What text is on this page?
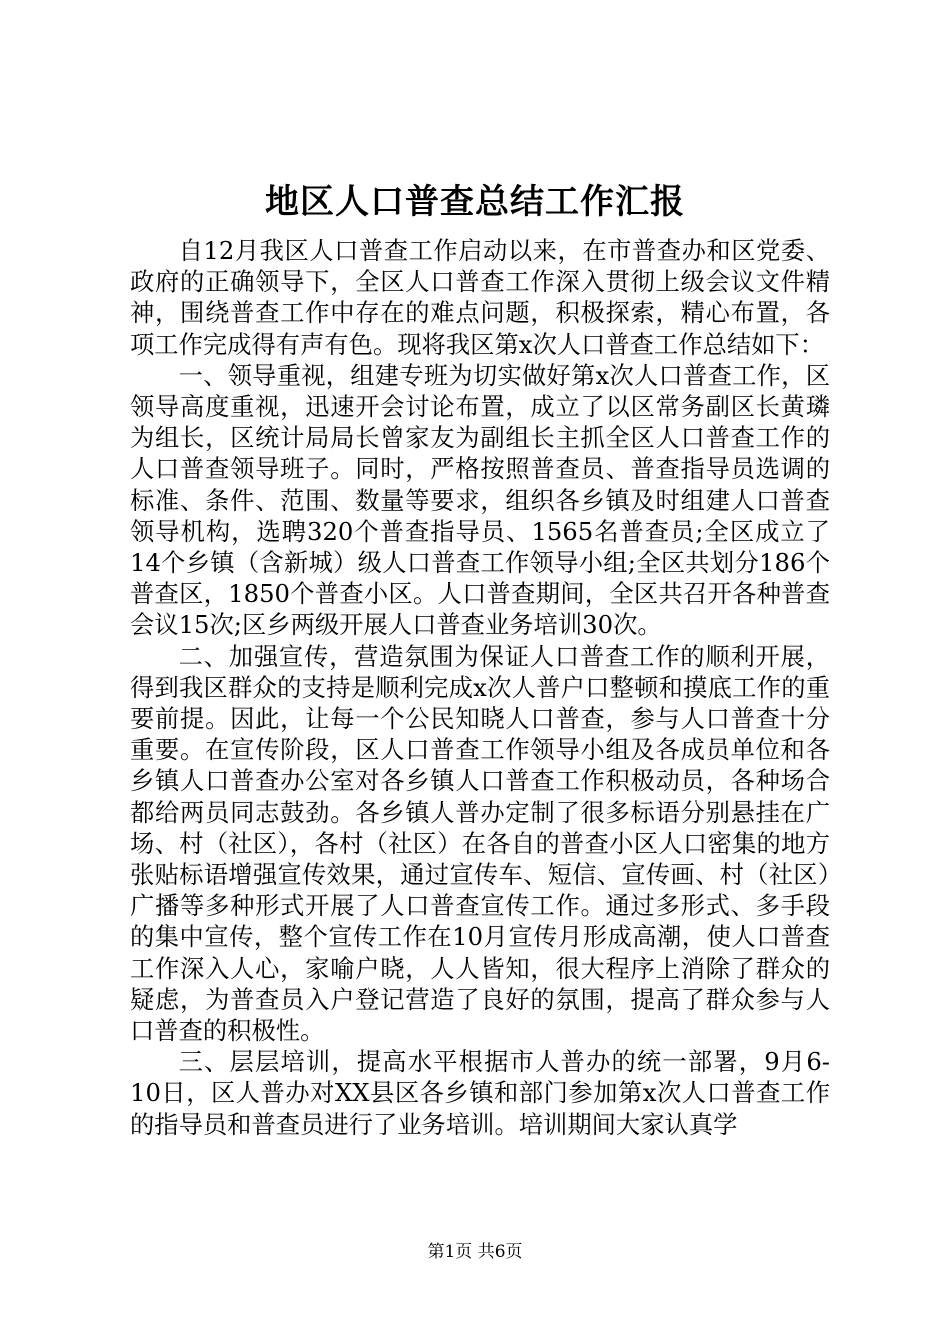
地区人口普查总结工作汇报

自12月我区人口普查工作启动以来，在市普查办和区党委、政府的正确领导下，全区人口普查工作深入贯彻上级会议文件精神，围绕普查工作中存在的难点问题，积极探索，精心布置，各项工作完成得有声有色。现将我区第x次人口普查工作总结如下：

一、领导重视，组建专班为切实做好第x次人口普查工作，区领导高度重视，迅速开会讨论布置，成立了以区常务副区长黄璘为组长，区统计局局长曾家友为副组长主抓全区人口普查工作的人口普查领导班子。同时，严格按照普查员、普查指导员选调的标准、条件、范围、数量等要求，组织各乡镇及时组建人口普查领导机构，选聘320个普查指导员、1565名普查员;全区成立了14个乡镇（含新城）级人口普查工作领导小组;全区共划分186个普查区，1850个普查小区。人口普查期间，全区共召开各种普查会议15次;区乡两级开展人口普查业务培训30次。

二、加强宣传，营造氛围为保证人口普查工作的顺利开展，得到我区群众的支持是顺利完成x次人普户口整顿和摸底工作的重要前提。因此，让每一个公民知晓人口普查，参与人口普查十分重要。在宣传阶段，区人口普查工作领导小组及各成员单位和各乡镇人口普查办公室对各乡镇人口普查工作积极动员，各种场合都给两员同志鼓劲。各乡镇人普办定制了很多标语分别悬挂在广场、村（社区），各村（社区）在各自的普查小区人口密集的地方张贴标语增强宣传效果，通过宣传车、短信、宣传画、村（社区）广播等多种形式开展了人口普查宣传工作。通过多形式、多手段的集中宣传，整个宣传工作在10月宣传月形成高潮，使人口普查工作深入人心，家喻户晓，人人皆知，很大程序上消除了群众的疑虑，为普查员入户登记营造了良好的氛围，提高了群众参与人口普查的积极性。

三、层层培训，提高水平根据市人普办的统一部署，9月6-10日，区人普办对XX县区各乡镇和部门参加第x次人口普查工作的指导员和普查员进行了业务培训。培训期间大家认真学

第1页 共6页
